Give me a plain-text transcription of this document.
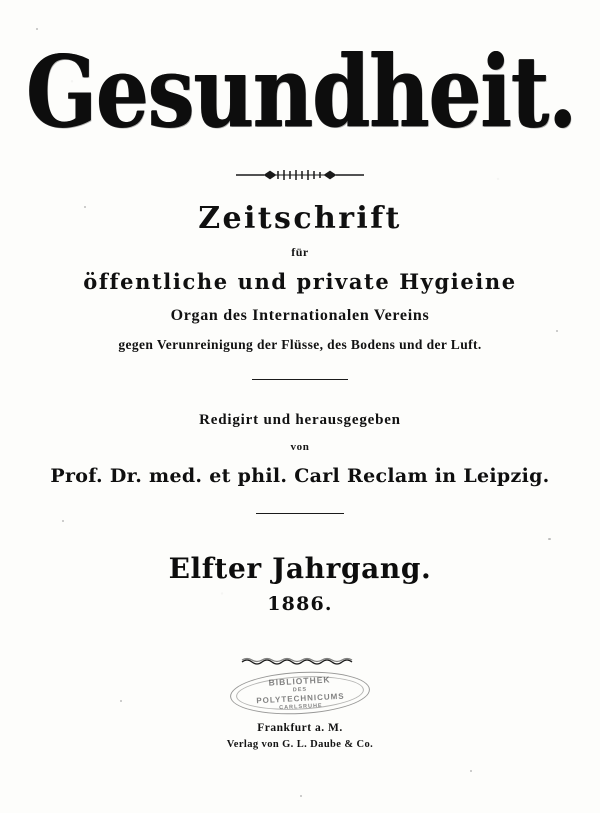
Gesundheit.
Zeitschrift
für
öffentliche und private Hygieine
Organ des Internationalen Vereins
gegen Verunreinigung der Flüsse, des Bodens und der Luft.
Redigirt und herausgegeben
von
Prof. Dr. med. et phil. Carl Reclam in Leipzig.
Elfter Jahrgang.
1886.
BIBLIOTHEK
DES
POLYTECHNICUMS
CARLSRUHE
Frankfurt a. M.
Verlag von G. L. Daube & Co.
